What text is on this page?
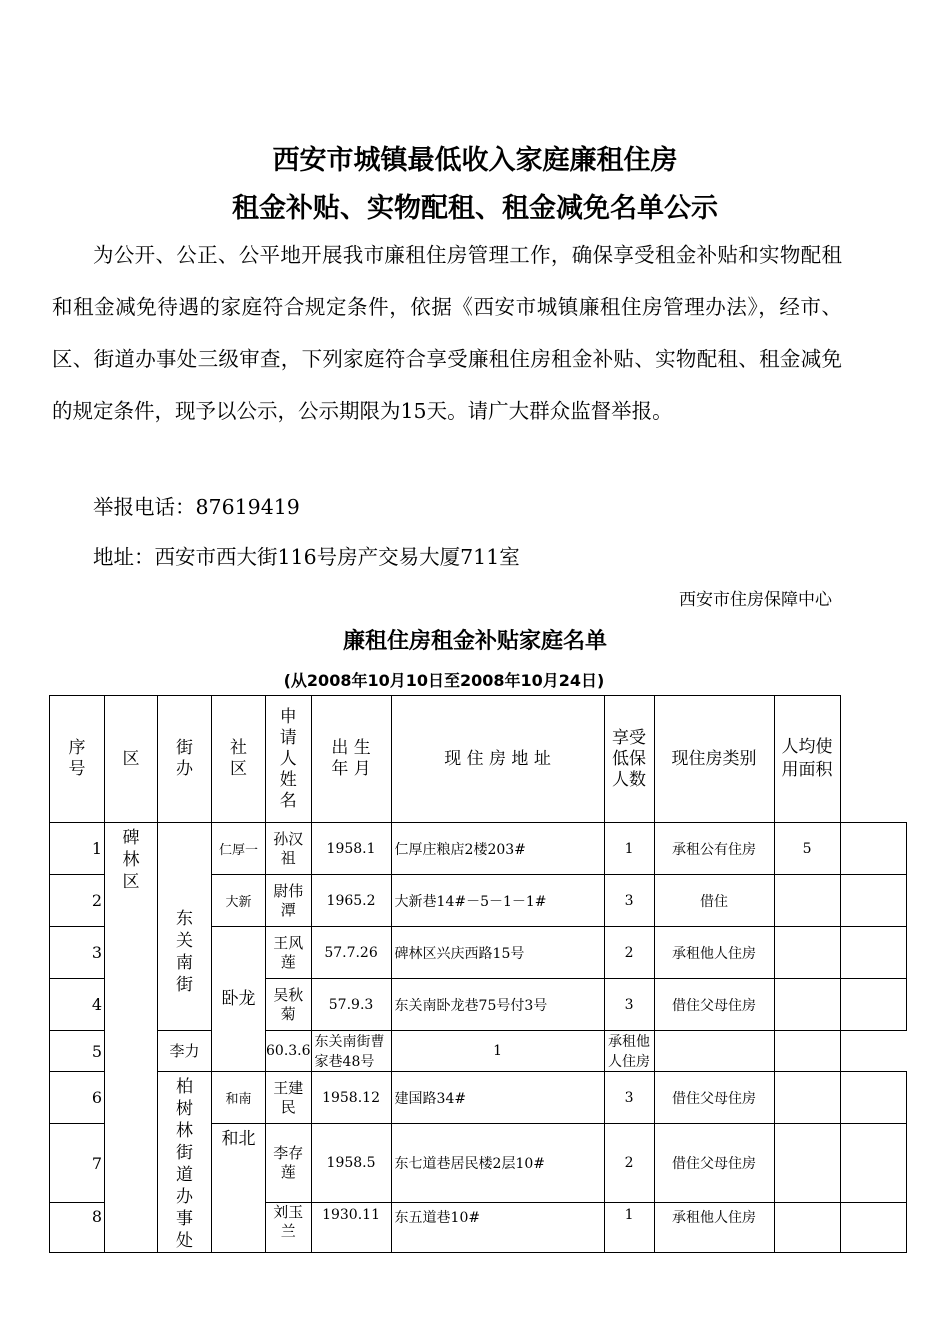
西安市城镇最低收入家庭廉租住房
租金补贴、实物配租、租金减免名单公示
为公开、公正、公平地开展我市廉租住房管理工作，确保享受租金补贴和实物配租和租金减免待遇的家庭符合规定条件，依据《西安市城镇廉租住房管理办法》，经市、区、街道办事处三级审查，下列家庭符合享受廉租住房租金补贴、实物配租、租金减免的规定条件，现予以公示，公示期限为15天。请广大群众监督举报。
举报电话：87619419
地址：西安市西大街116号房产交易大厦711室
西安市住房保障中心
廉租住房租金补贴家庭名单
(从2008年10月10日至2008年10月24日)
序号	区	街办	社区	申请人姓名	出 生 年 月	现 住 房 地 址	享受低保人数	现住房类别	人均使用面积	
1	碑林区		仁厚一	孙汉祖	1958.1	仁厚庄粮店2楼203#	1	承租公有住房	5	
2		东关南街	大新	尉伟潭	1965.2	大新巷14#－5－1－1#	3	借住		
3			卧龙	王风莲	57.7.26	碑林区兴庆西路15号	2	承租他人住房		
4				吴秋菊	57.9.3	东关南卧龙巷75号付3号	3	借住父母住房		
5		李力		60.3.6	东关南街曹家巷48号	1	承租他人住房			
6		柏树林街道办事处	和南	王建民	1958.12	建国路34#	3	借住父母住房		
7			和北	李存莲	1958.5	东七道巷居民楼2层10#	2	借住父母住房		
8				刘玉兰	1930.11	东五道巷10#	1	承租他人住房		
